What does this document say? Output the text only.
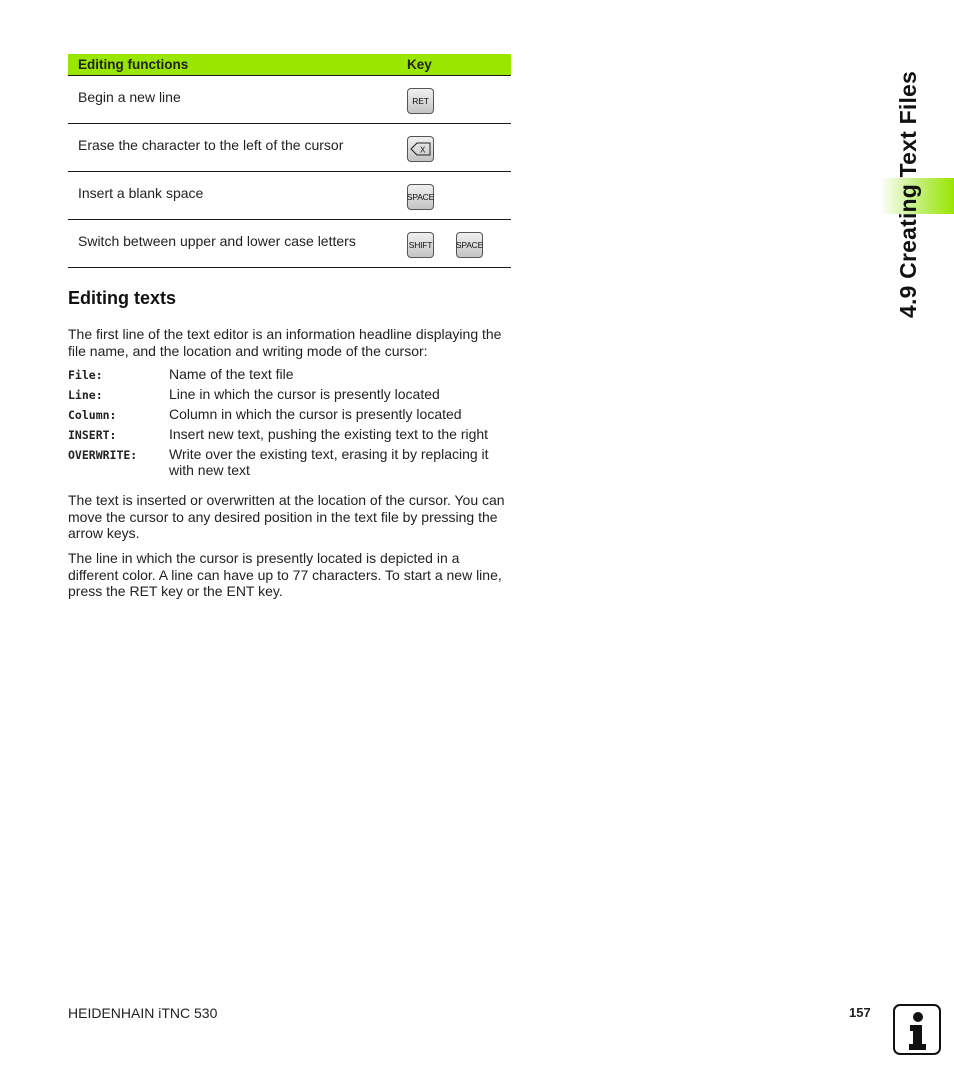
Editing functions	Key
Begin a new line	RET
Erase the character to the left of the cursor	X
Insert a blank space	SPACE
Switch between upper and lower case letters	SHIFT	SPACE
Editing texts

The first line of the text editor is an information headline displaying the file name, and the location and writing mode of the cursor:

File:	Name of the text file
Line:	Line in which the cursor is presently located
Column:	Column in which the cursor is presently located
INSERT:	Insert new text, pushing the existing text to the right
OVERWRITE:	Write over the existing text, erasing it by replacing it with new text

The text is inserted or overwritten at the location of the cursor. You can move the cursor to any desired position in the text file by pressing the arrow keys.

The line in which the cursor is presently located is depicted in a different color. A line can have up to 77 characters. To start a new line, press the RET key or the ENT key.

4.9 Creating Text Files
HEIDENHAIN iTNC 530	157
